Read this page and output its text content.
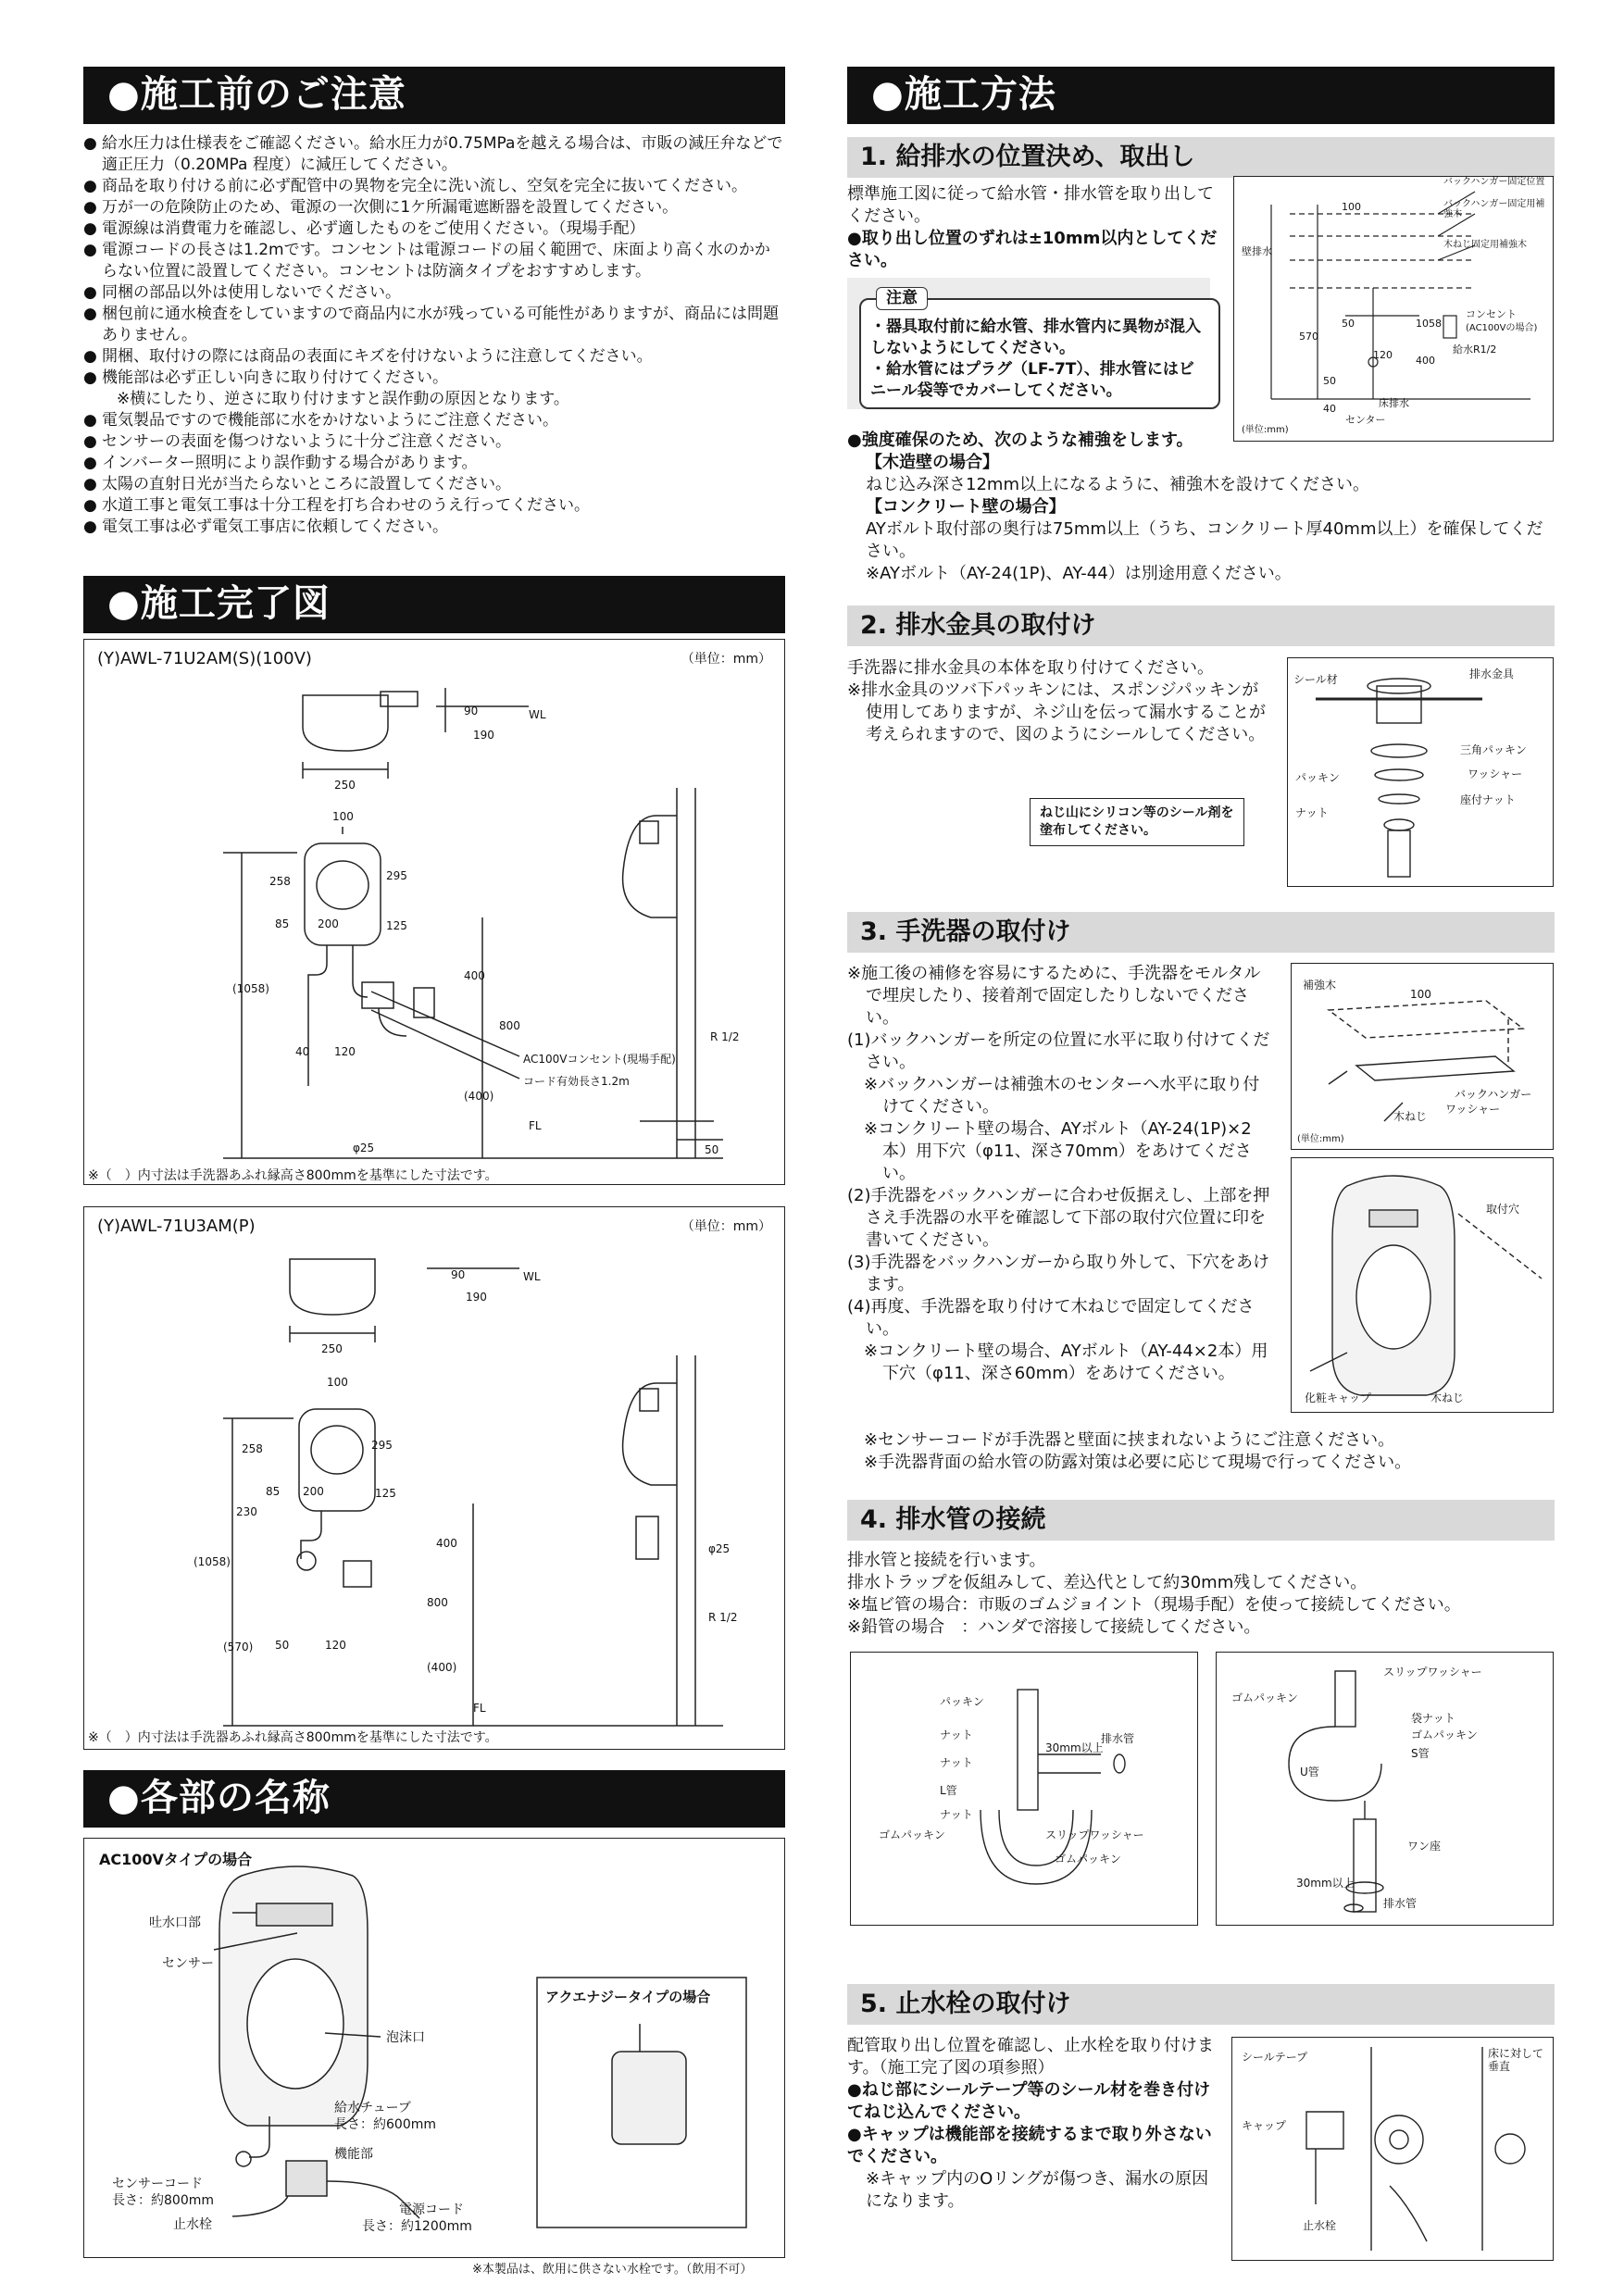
●施工前のご注意
● 給水圧力は仕様表をご確認ください。給水圧力が0.75MPaを越える場合は、市販の減圧弁などで適正圧力（0.20MPa 程度）に減圧してください。
● 商品を取り付ける前に必ず配管中の異物を完全に洗い流し、空気を完全に抜いてください。
● 万が一の危険防止のため、電源の一次側に1ケ所漏電遮断器を設置してください。
● 電源線は消費電力を確認し、必ず適したものをご使用ください。（現場手配）
● 電源コードの長さは1.2mです。コンセントは電源コードの届く範囲で、床面より高く水のかからない位置に設置してください。コンセントは防滴タイプをおすすめします。
● 同梱の部品以外は使用しないでください。
● 梱包前に通水検査をしていますので商品内に水が残っている可能性がありますが、商品には問題ありません。
● 開梱、取付けの際には商品の表面にキズを付けないように注意してください。
● 機能部は必ず正しい向きに取り付けてください。
※横にしたり、逆さに取り付けますと誤作動の原因となります。
● 電気製品ですので機能部に水をかけないようにご注意ください。
● センサーの表面を傷つけないように十分ご注意ください。
● インバーター照明により誤作動する場合があります。
● 太陽の直射日光が当たらないところに設置してください。
● 水道工事と電気工事は十分工程を打ち合わせのうえ行ってください。
● 電気工事は必ず電気工事店に依頼してください。
●施工完了図
(Y)AWL-71U2AM(S)(100V)	（単位：mm）
90
190
250
100
258	295
85	200	125
(1058)
400
800
40 120
(400)
φ25	50
R 1/2
WL
FL
AC100Vコンセント(現場手配)
コード有効長さ1.2m
※（　）内寸法は手洗器あふれ縁高さ800mmを基準にした寸法です。
(Y)AWL-71U3AM(P)	（単位：mm）
90
190
250
100
258	295
85 200	125
230
(1058)
400
800
(570) 50	120
(400)
φ25
R 1/2
WL
FL
※（　）内寸法は手洗器あふれ縁高さ800mmを基準にした寸法です。
●各部の名称
AC100Vタイプの場合
吐水口部
センサー
泡沫口
給水チューブ
長さ：約600mm
機能部
センサーコード
長さ：約800mm
電源コード
長さ：約1200mm
止水栓
アクエナジータイプの場合
※本製品は、飲用に供さない水栓です。（飲用不可）
●施工方法
1. 給排水の位置決め、取出し

標準施工図に従って給水管・排水管を取り出してください。

●取り出し位置のずれは±10mm以内としてください。

注意
・器具取付前に給水管、排水管内に異物が混入しないようにしてください。
・給水管にはプラグ（LF-7T）、排水管にはビニール袋等でカバーしてください。

●強度確保のため、次のような補強をします。

【木造壁の場合】

ねじ込み深さ12mm以上になるように、補強木を設けてください。

【コンクリート壁の場合】

AYボルト取付部の奥行は75mm以上（うち、コンクリート厚40mm以上）を確保してください。

※AYボルト（AY-24(1P)、AY-44）は別途用意ください。

バックハンガー固定位置
バックハンガー固定用補強木
木ねじ固定用補強木
壁排水
コンセント
(AC100Vの場合)
給水R1/2
床排水
センター
(単位:mm)
100
570
50	1058
120 400
50
40
2. 排水金具の取付け

手洗器に排水金具の本体を取り付けてください。

※排水金具のツバ下パッキンには、スポンジパッキンが使用してありますが、ネジ山を伝って漏水することが考えられますので、図のようにシールしてください。

ねじ山にシリコン等のシール剤を塗布してください。
シール材	排水金具
三角パッキン
ワッシャー
パッキン
座付ナット
ナット
3. 手洗器の取付け

※施工後の補修を容易にするために、手洗器をモルタルで埋戻したり、接着剤で固定したりしないでください。

(1)バックハンガーを所定の位置に水平に取り付けてください。

※バックハンガーは補強木のセンターへ水平に取り付けてください。

※コンクリート壁の場合、AYボルト（AY-24(1P)×2本）用下穴（φ11、深さ70mm）をあけてください。

(2)手洗器をバックハンガーに合わせ仮据えし、上部を押さえ手洗器の水平を確認して下部の取付穴位置に印を書いてください。

(3)手洗器をバックハンガーから取り外して、下穴をあけます。

(4)再度、手洗器を取り付けて木ねじで固定してください。

※コンクリート壁の場合、AYボルト（AY-44×2本）用下穴（φ11、深さ60mm）をあけてください。

※センサーコードが手洗器と壁面に挟まれないようにご注意ください。

※手洗器背面の給水管の防露対策は必要に応じて現場で行ってください。

補強木
100
バックハンガー
ワッシャー
木ねじ
(単位:mm)
取付穴
化粧キャップ	木ねじ
4. 排水管の接続

排水管と接続を行います。

排水トラップを仮組みして、差込代として約30mm残してください。

※塩ビ管の場合：市販のゴムジョイント（現場手配）を使って接続してください。

※鉛管の場合　：ハンダで溶接して接続してください。

パッキン
ナット
ナット
L管
ナット
ゴムパッキン
30mm以上
排水管
スリップワッシャー
ゴムパッキン
スリップワッシャー
ゴムパッキン
袋ナット
ゴムパッキン
S管
U管
ワン座
30mm以上
排水管
5. 止水栓の取付け

配管取り出し位置を確認し、止水栓を取り付けます。（施工完了図の項参照）

●ねじ部にシールテープ等のシール材を巻き付けてねじ込んでください。

●キャップは機能部を接続するまで取り外さないでください。

※キャップ内のOリングが傷つき、漏水の原因になります。

シールテープ	床に対して垂直
キャップ
止水栓
